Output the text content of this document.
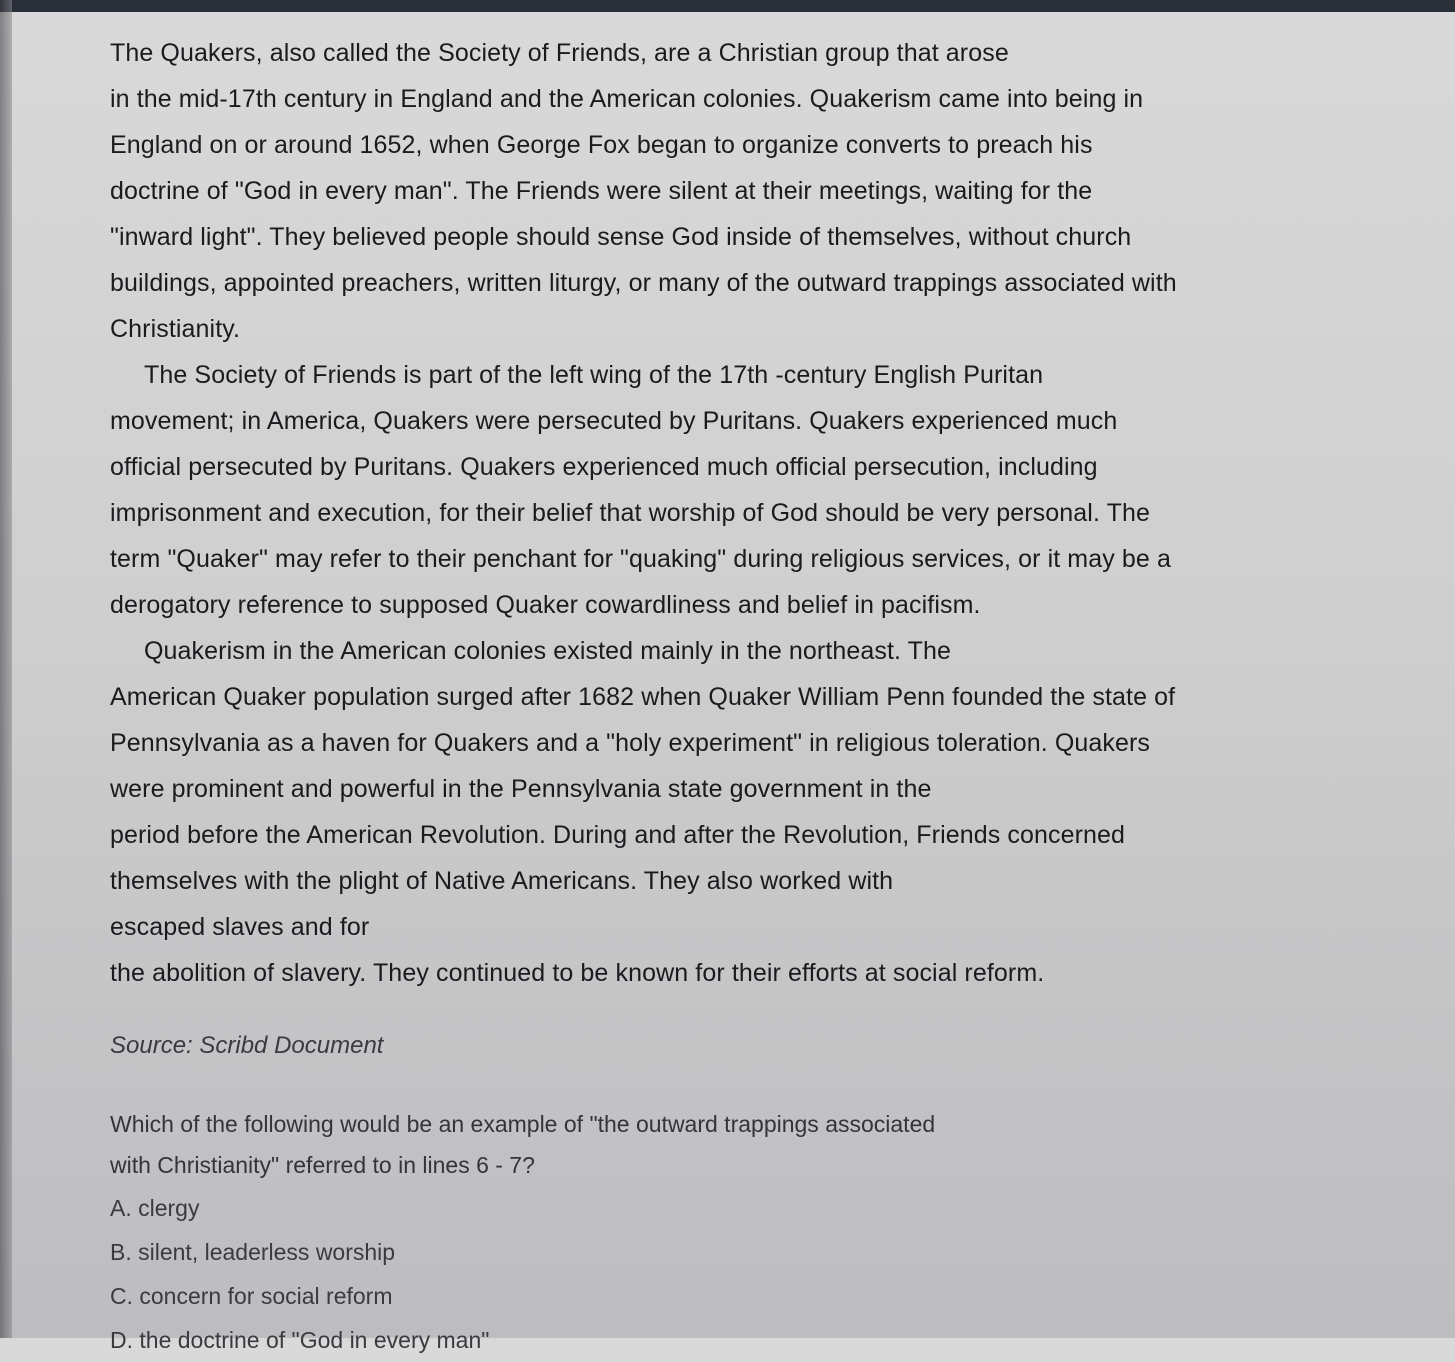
The Quakers, also called the Society of Friends, are a Christian group that arose
in the mid-17th century in England and the American colonies. Quakerism came into being in
England on or around 1652, when George Fox began to organize converts to preach his
doctrine of "God in every man". The Friends were silent at their meetings, waiting for the
"inward light". They believed people should sense God inside of themselves, without church
buildings, appointed preachers, written liturgy, or many of the outward trappings associated with
Christianity.

The Society of Friends is part of the left wing of the 17th -century English Puritan
movement; in America, Quakers were persecuted by Puritans. Quakers experienced much
official persecuted by Puritans. Quakers experienced much official persecution, including
imprisonment and execution, for their belief that worship of God should be very personal. The
term "Quaker" may refer to their penchant for "quaking" during religious services, or it may be a
derogatory reference to supposed Quaker cowardliness and belief in pacifism.

Quakerism in the American colonies existed mainly in the northeast. The
American Quaker population surged after 1682 when Quaker William Penn founded the state of
Pennsylvania as a haven for Quakers and a "holy experiment" in religious toleration. Quakers
were prominent and powerful in the Pennsylvania state government in the
period before the American Revolution. During and after the Revolution, Friends concerned
themselves with the plight of Native Americans. They also worked with
escaped slaves and for
the abolition of slavery. They continued to be known for their efforts at social reform.

Source: Scribd Document
Which of the following would be an example of "the outward trappings associated
with Christianity" referred to in lines 6 - 7?
A. clergy
B. silent, leaderless worship
C. concern for social reform
D. the doctrine of "God in every man"
